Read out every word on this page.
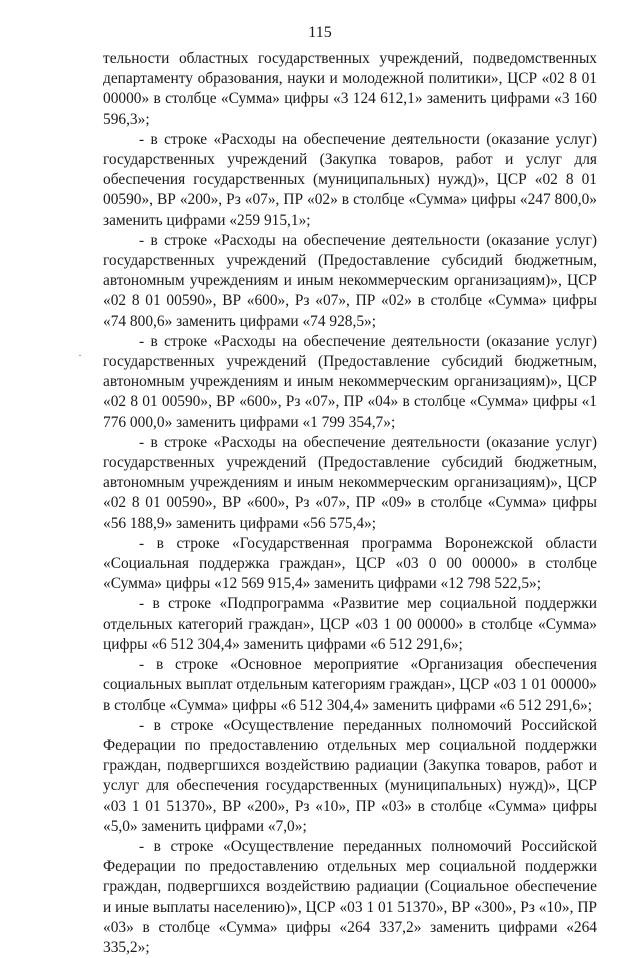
115

тельности областных государственных учреждений, подведомственных департаменту образования, науки и молодежной политики», ЦСР «02 8 01 00000» в столбце «Сумма» цифры «3 124 612,1» заменить цифрами «3 160 596,3»;

- в строке «Расходы на обеспечение деятельности (оказание услуг) государственных учреждений (Закупка товаров, работ и услуг для обеспечения государственных (муниципальных) нужд)», ЦСР «02 8 01 00590», ВР «200», Рз «07», ПР «02» в столбце «Сумма» цифры «247 800,0» заменить цифрами «259 915,1»;

- в строке «Расходы на обеспечение деятельности (оказание услуг) государственных учреждений (Предоставление субсидий бюджетным, автономным учреждениям и иным некоммерческим организациям)», ЦСР «02 8 01 00590», ВР «600», Рз «07», ПР «02» в столбце «Сумма» цифры «74 800,6» заменить цифрами «74 928,5»;

- в строке «Расходы на обеспечение деятельности (оказание услуг) государственных учреждений (Предоставление субсидий бюджетным, автономным учреждениям и иным некоммерческим организациям)», ЦСР «02 8 01 00590», ВР «600», Рз «07», ПР «04» в столбце «Сумма» цифры «1 776 000,0» заменить цифрами «1 799 354,7»;

- в строке «Расходы на обеспечение деятельности (оказание услуг) государственных учреждений (Предоставление субсидий бюджетным, автономным учреждениям и иным некоммерческим организациям)», ЦСР «02 8 01 00590», ВР «600», Рз «07», ПР «09» в столбце «Сумма» цифры «56 188,9» заменить цифрами «56 575,4»;

- в строке «Государственная программа Воронежской области «Социальная поддержка граждан», ЦСР «03 0 00 00000» в столбце «Сумма» цифры «12 569 915,4» заменить цифрами «12 798 522,5»;

- в строке «Подпрограмма «Развитие мер социальной поддержки отдельных категорий граждан», ЦСР «03 1 00 00000» в столбце «Сумма» цифры «6 512 304,4» заменить цифрами «6 512 291,6»;

- в строке «Основное мероприятие «Организация обеспечения социальных выплат отдельным категориям граждан», ЦСР «03 1 01 00000» в столбце «Сумма» цифры «6 512 304,4» заменить цифрами «6 512 291,6»;

- в строке «Осуществление переданных полномочий Российской Федерации по предоставлению отдельных мер социальной поддержки граждан, подвергшихся воздействию радиации (Закупка товаров, работ и услуг для обеспечения государственных (муниципальных) нужд)», ЦСР «03 1 01 51370», ВР «200», Рз «10», ПР «03» в столбце «Сумма» цифры «5,0» заменить цифрами «7,0»;

- в строке «Осуществление переданных полномочий Российской Федерации по предоставлению отдельных мер социальной поддержки граждан, подвергшихся воздействию радиации (Социальное обеспечение и иные выплаты населению)», ЦСР «03 1 01 51370», ВР «300», Рз «10», ПР «03» в столбце «Сумма» цифры «264 337,2» заменить цифрами «264 335,2»;
